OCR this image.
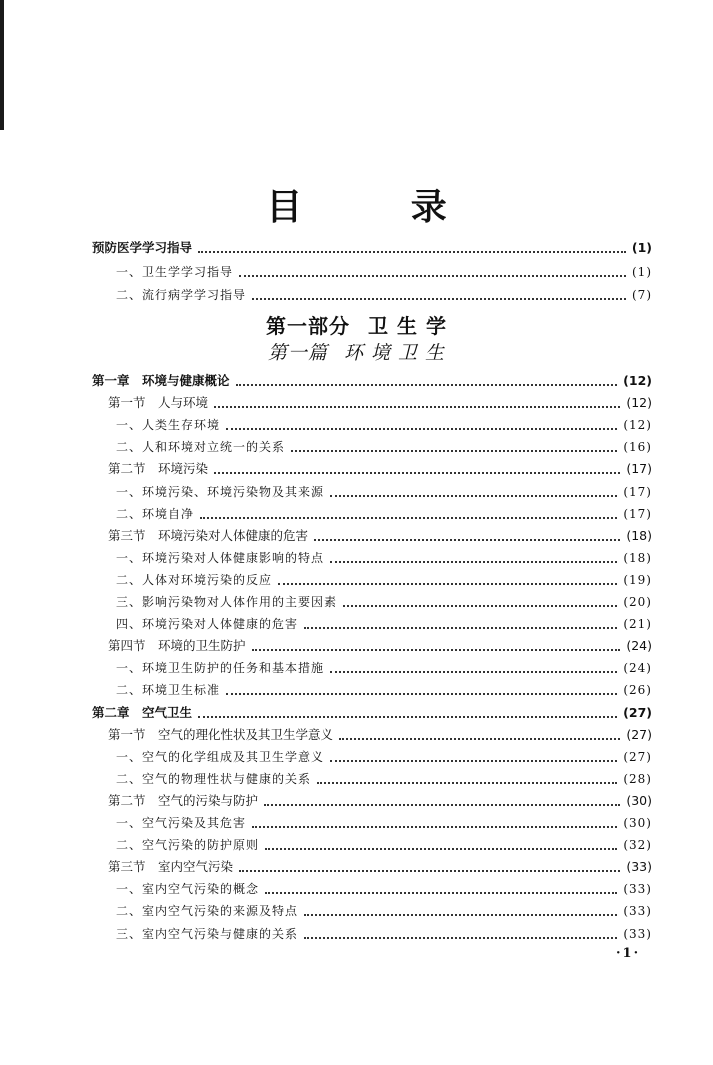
目 录
预防医学学习指导	(1)
一、卫生学学习指导	(1)
二、流行病学学习指导	(7)
第一部分 卫 生 学
第一篇 环 境 卫 生
第一章　环境与健康概论	(12)
第一节　人与环境	(12)
一、人类生存环境	(12)
二、人和环境对立统一的关系	(16)
第二节　环境污染	(17)
一、环境污染、环境污染物及其来源	(17)
二、环境自净	(17)
第三节　环境污染对人体健康的危害	(18)
一、环境污染对人体健康影响的特点	(18)
二、人体对环境污染的反应	(19)
三、影响污染物对人体作用的主要因素	(20)
四、环境污染对人体健康的危害	(21)
第四节　环境的卫生防护	(24)
一、环境卫生防护的任务和基本措施	(24)
二、环境卫生标准	(26)
第二章　空气卫生	(27)
第一节　空气的理化性状及其卫生学意义	(27)
一、空气的化学组成及其卫生学意义	(27)
二、空气的物理性状与健康的关系	(28)
第二节　空气的污染与防护	(30)
一、空气污染及其危害	(30)
二、空气污染的防护原则	(32)
第三节　室内空气污染	(33)
一、室内空气污染的概念	(33)
二、室内空气污染的来源及特点	(33)
三、室内空气污染与健康的关系	(33)
·1·
